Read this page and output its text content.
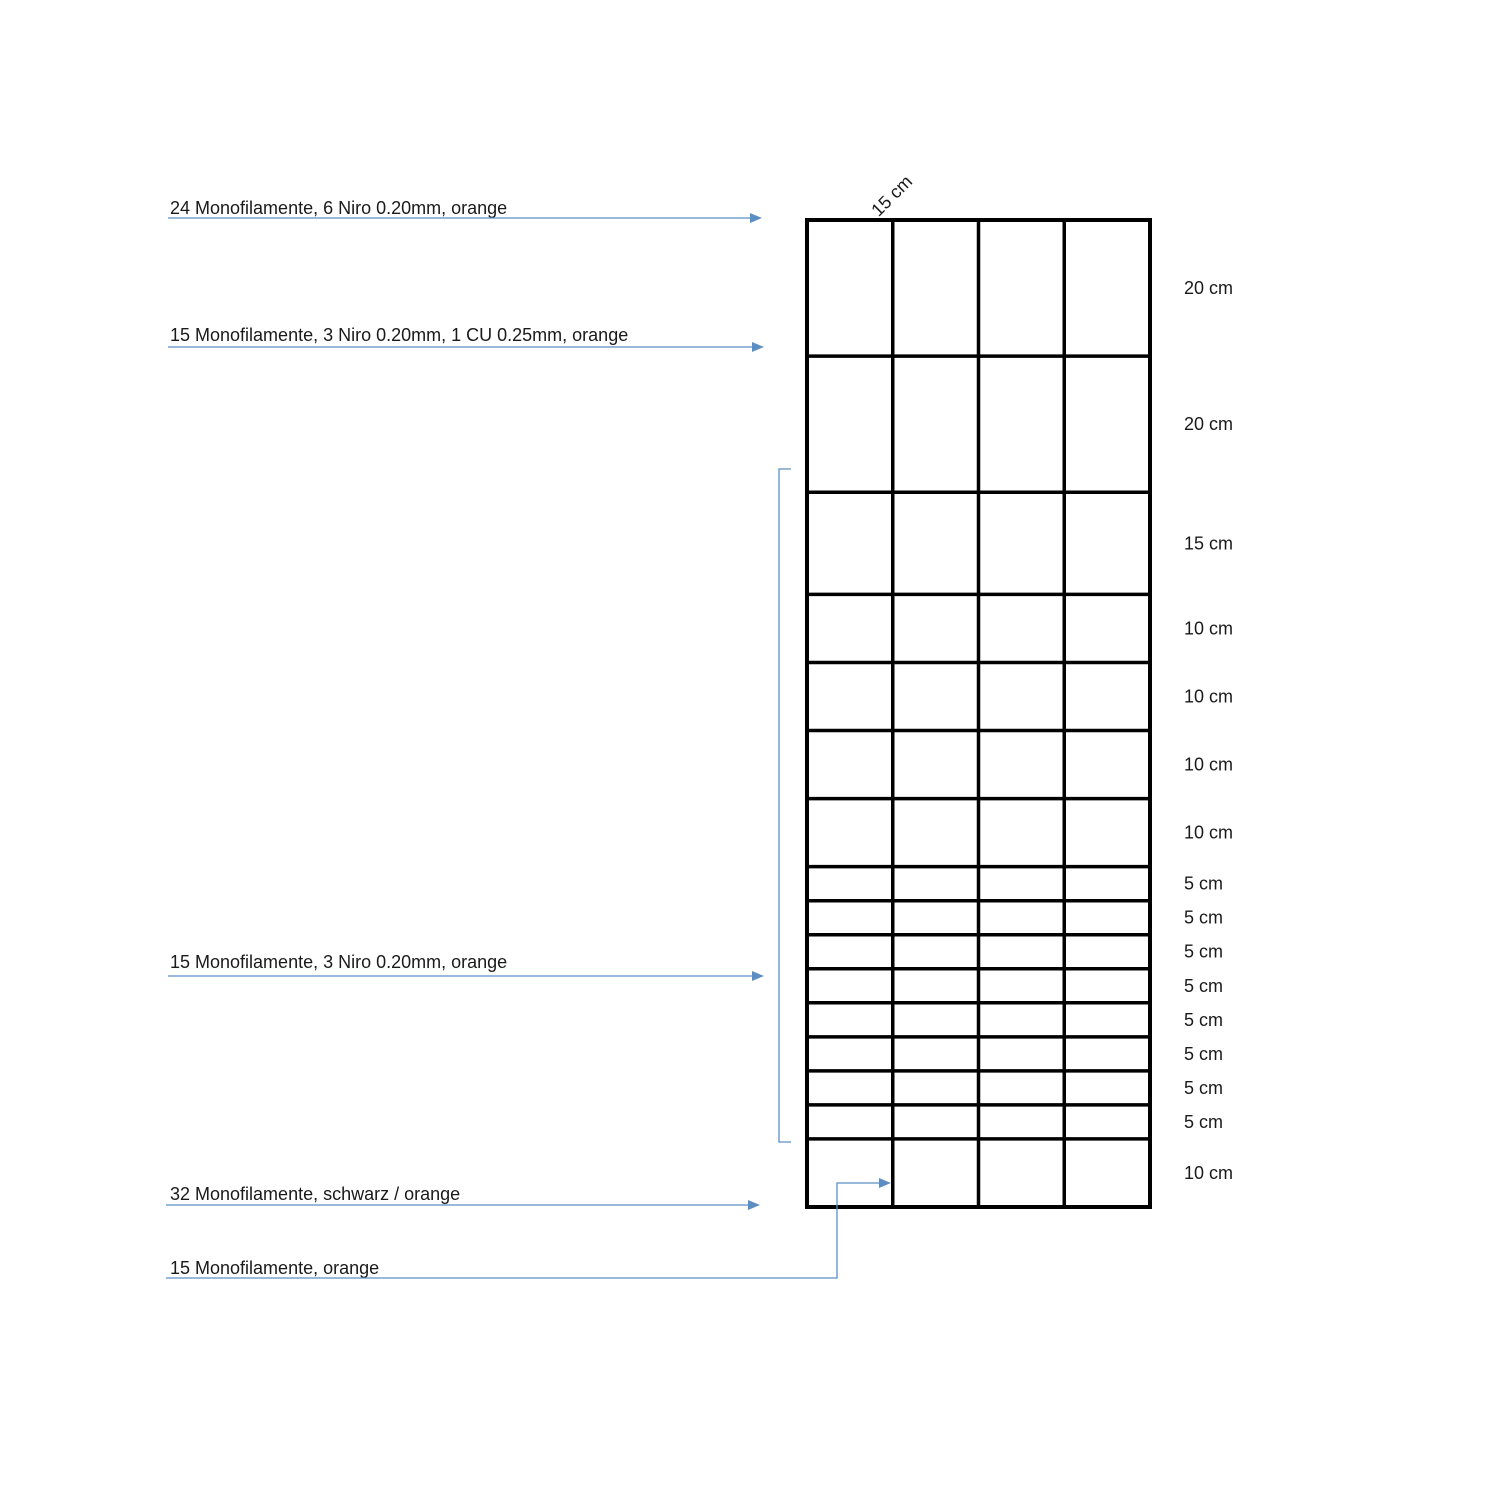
15 cm
20 cm
20 cm
15 cm
10 cm
10 cm
10 cm
10 cm
5 cm
5 cm
5 cm
5 cm
5 cm
5 cm
5 cm
5 cm
10 cm
24 Monofilamente, 6 Niro 0.20mm, orange
15 Monofilamente, 3 Niro 0.20mm, 1 CU 0.25mm, orange
15 Monofilamente, 3 Niro 0.20mm, orange
32 Monofilamente, schwarz / orange
15 Monofilamente, orange
